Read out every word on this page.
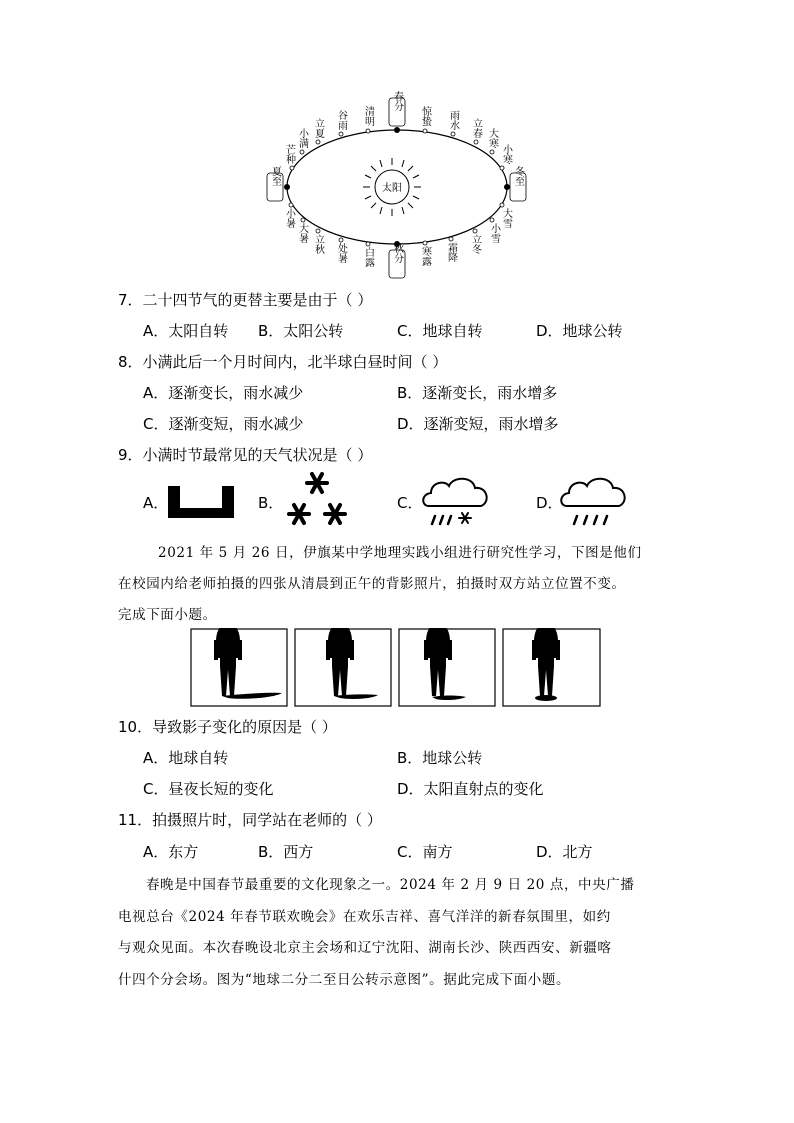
太阳
春分
秋分
夏至	冬至
清明
谷雨
立夏
小满
芒种
小暑
大暑
立秋 处暑 白露	寒露 霜降 立冬
小雪
大雪
小寒
大寒
立春
雨水
惊蛰
7．二十四节气的更替主要是由于（ ）
A．太阳自转 B．太阳公转	C．地球自转	D．地球公转
8．小满此后一个月时间内，北半球白昼时间（ ）
A．逐渐变长，雨水减少	B．逐渐变长，雨水增多
C．逐渐变短，雨水减少	D．逐渐变短，雨水增多
9．小满时节最常见的天气状况是（ ）
A．	B．	C．	D．
2021 年 5 月 26 日，伊旗某中学地理实践小组进行研究性学习，下图是他们
在校园内给老师拍摄的四张从清晨到正午的背影照片，拍摄时双方站立位置不变。
完成下面小题。
10．导致影子变化的原因是（ ）
A．地球自转	B．地球公转
C．昼夜长短的变化	D．太阳直射点的变化
11．拍摄照片时，同学站在老师的（ ）
A．东方	B．西方	C．南方	D．北方
春晚是中国春节最重要的文化现象之一。2024 年 2 月 9 日 20 点，中央广播
电视总台《2024 年春节联欢晚会》在欢乐吉祥、喜气洋洋的新春氛围里，如约
与观众见面。本次春晚设北京主会场和辽宁沈阳、湖南长沙、陕西西安、新疆喀
什四个分会场。图为“地球二分二至日公转示意图”。据此完成下面小题。
